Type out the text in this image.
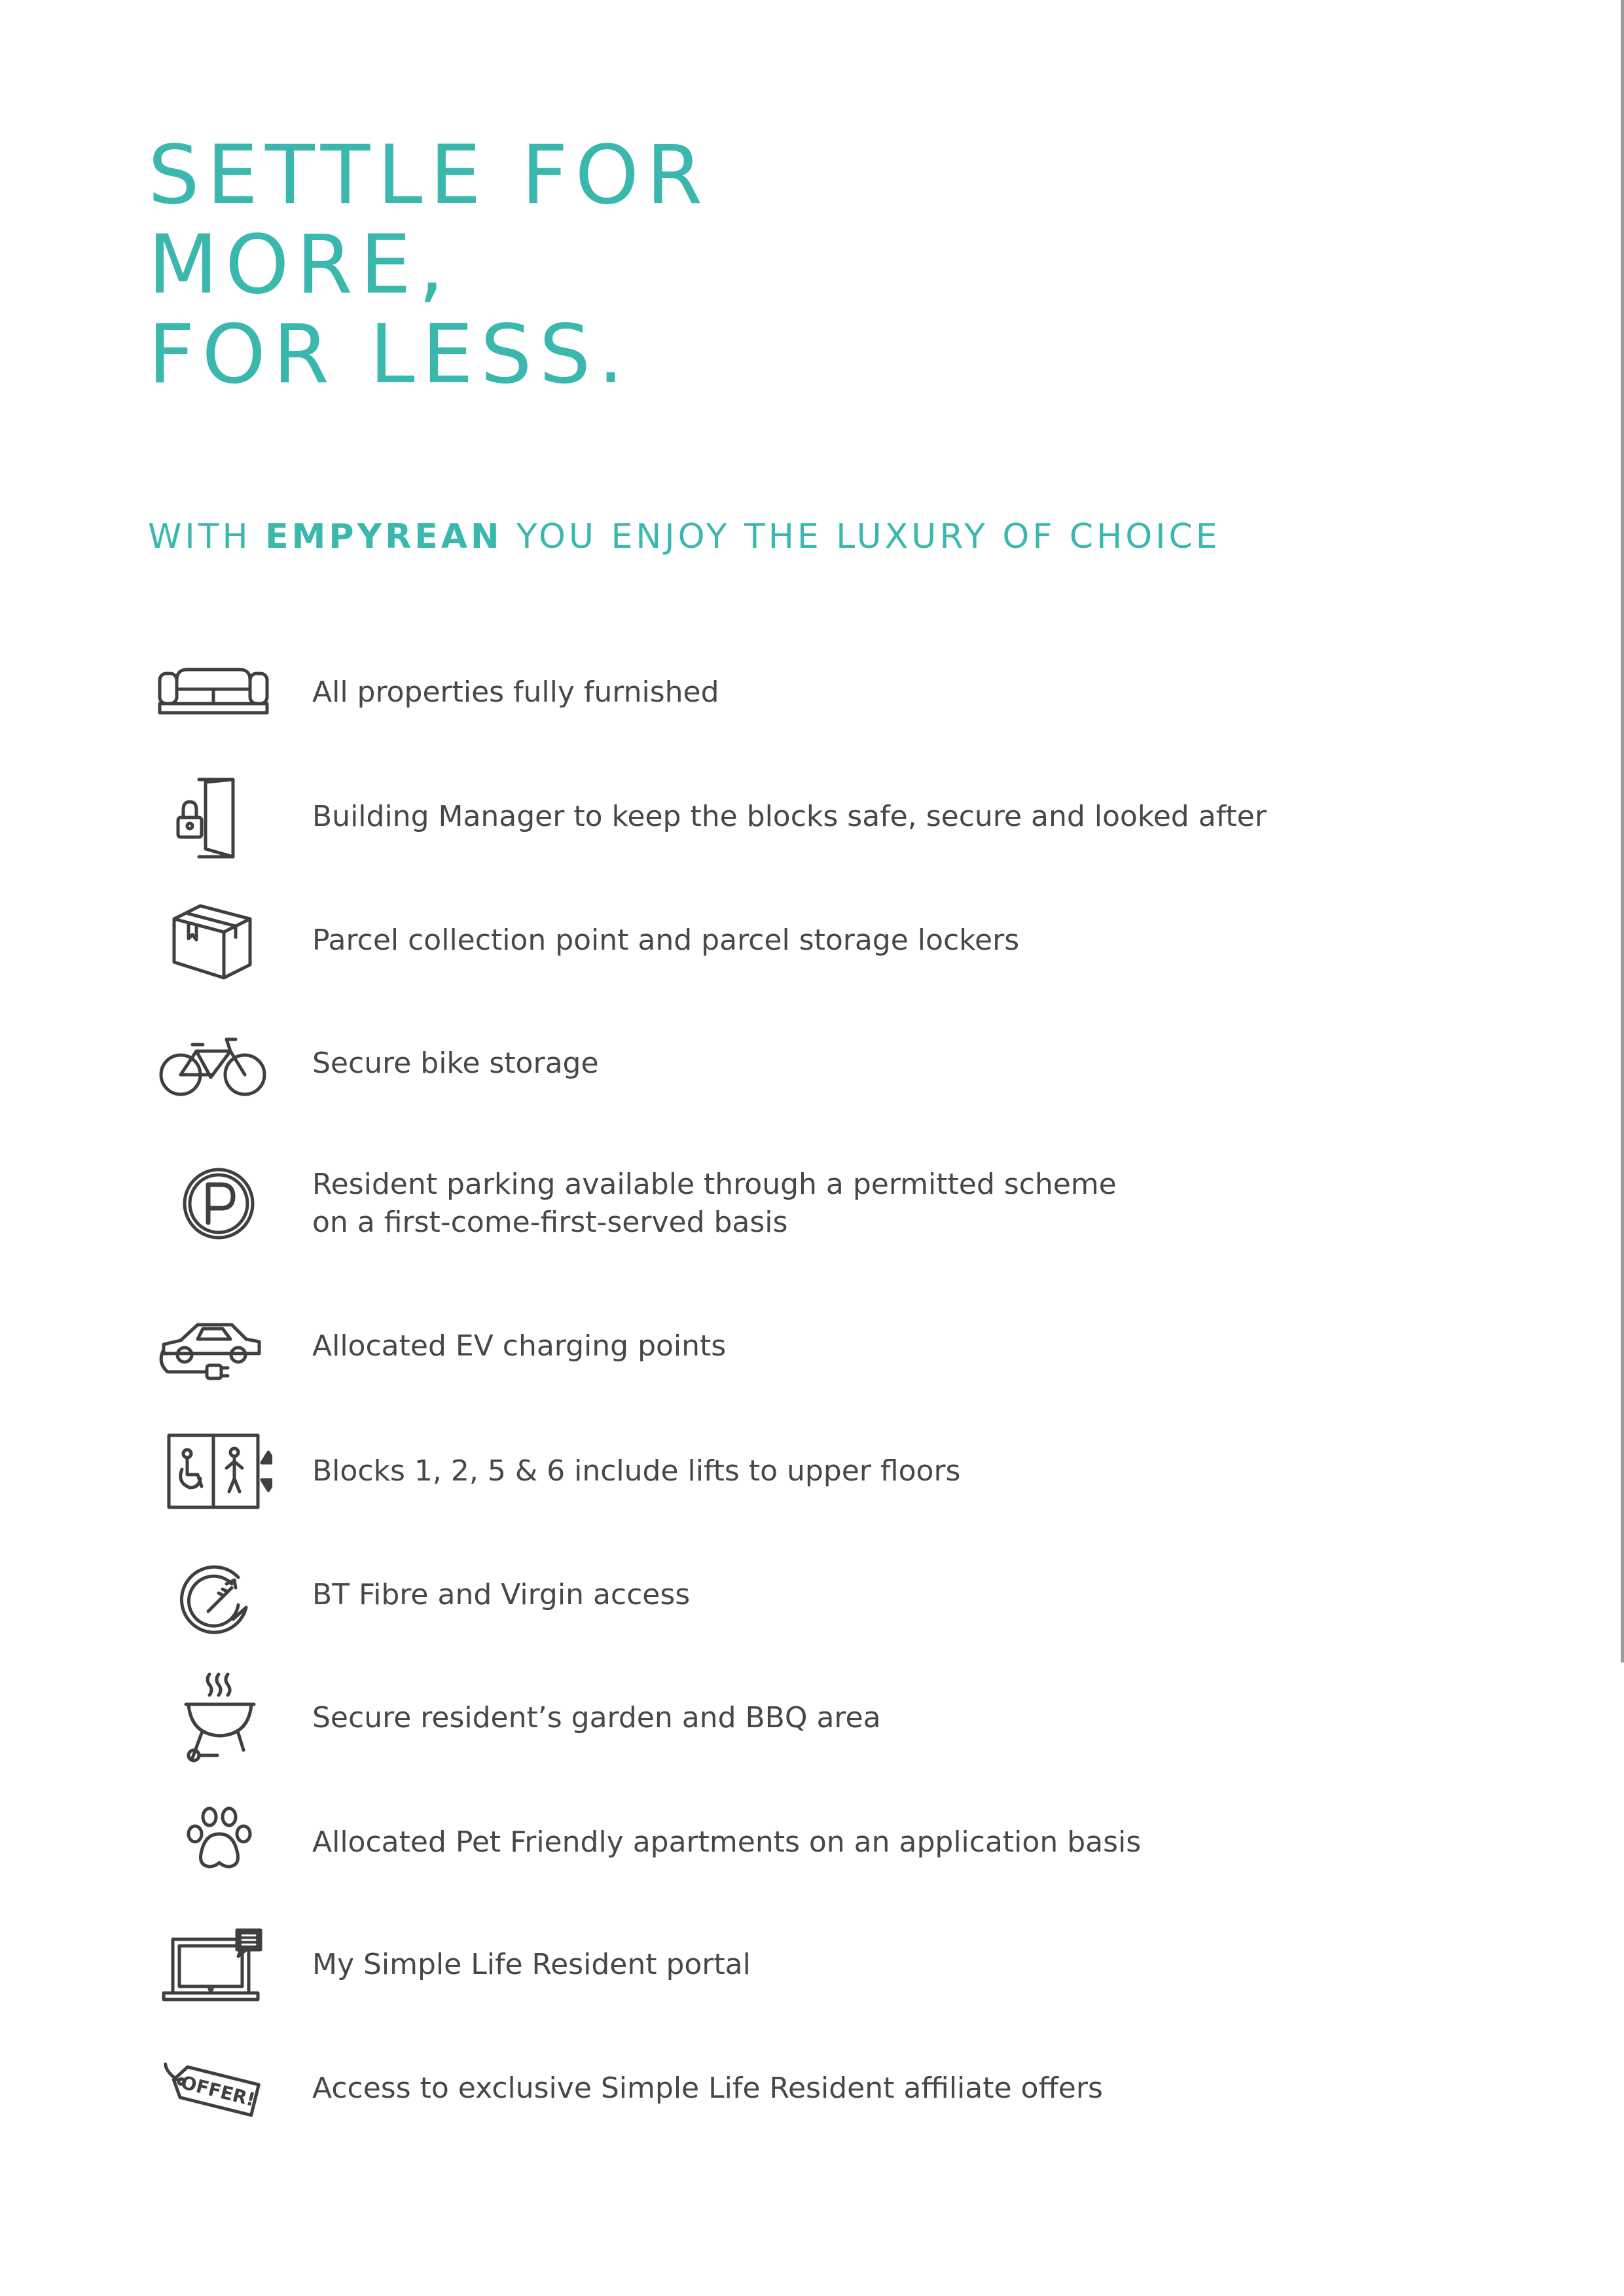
SETTLE FOR
MORE,
FOR LESS.
WITH EMPYREAN YOU ENJOY THE LUXURY OF CHOICE
All properties fully furnished
Building Manager to keep the blocks safe, secure and looked after
Parcel collection point and parcel storage lockers
Secure bike storage
Resident parking available through a permitted scheme
on a first-come-first-served basis
Allocated EV charging points
Blocks 1, 2, 5 & 6 include lifts to upper floors
BT Fibre and Virgin access
Secure resident’s garden and BBQ area
Allocated Pet Friendly apartments on an application basis
My Simple Life Resident portal
OFFER! Access to exclusive Simple Life Resident affiliate offers
